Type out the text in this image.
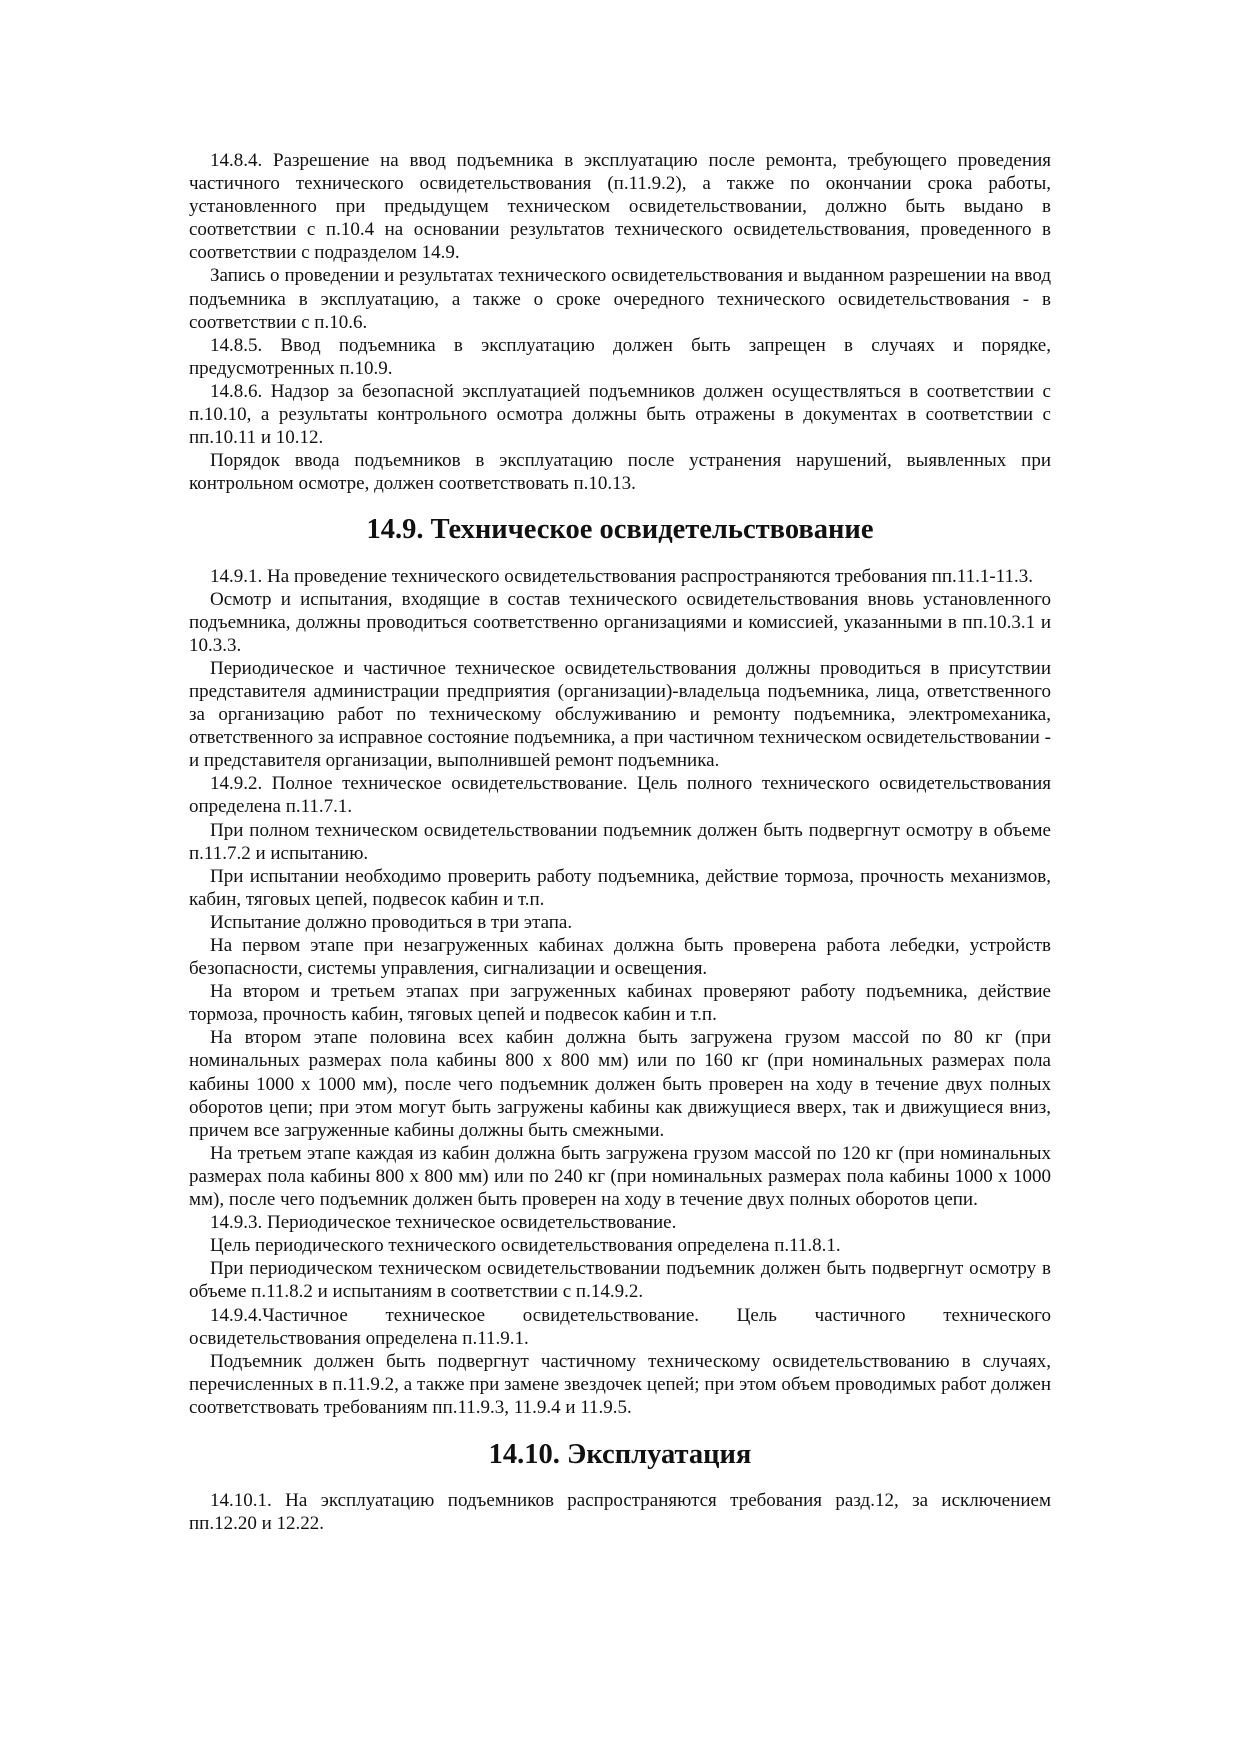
14.8.4. Разрешение на ввод подъемника в эксплуатацию после ремонта, требующего проведения частичного технического освидетельствования (п.11.9.2), а также по окончании срока работы, установленного при предыдущем техническом освидетельствовании, должно быть выдано в соответствии с п.10.4 на основании результатов технического освидетельствования, проведенного в соответствии с подразделом 14.9.

Запись о проведении и результатах технического освидетельствования и выданном разрешении на ввод подъемника в эксплуатацию, а также о сроке очередного технического освидетельствования - в соответствии с п.10.6.

14.8.5. Ввод подъемника в эксплуатацию должен быть запрещен в случаях и порядке, предусмотренных п.10.9.

14.8.6. Надзор за безопасной эксплуатацией подъемников должен осуществляться в соответствии с п.10.10, а результаты контрольного осмотра должны быть отражены в документах в соответствии с пп.10.11 и 10.12.

Порядок ввода подъемников в эксплуатацию после устранения нарушений, выявленных при контрольном осмотре, должен соответствовать п.10.13.

14.9. Техническое освидетельствование

14.9.1. На проведение технического освидетельствования распространяются требования пп.11.1-11.3.

Осмотр и испытания, входящие в состав технического освидетельствования вновь установленного подъемника, должны проводиться соответственно организациями и комиссией, указанными в пп.10.3.1 и 10.3.3.

Периодическое и частичное техническое освидетельствования должны проводиться в присутствии представителя администрации предприятия (организации)-владельца подъемника, лица, ответственного за организацию работ по техническому обслуживанию и ремонту подъемника, электромеханика, ответственного за исправное состояние подъемника, а при частичном техническом освидетельствовании - и представителя организации, выполнившей ремонт подъемника.

14.9.2. Полное техническое освидетельствование. Цель полного технического освидетельствования определена п.11.7.1.

При полном техническом освидетельствовании подъемник должен быть подвергнут осмотру в объеме п.11.7.2 и испытанию.

При испытании необходимо проверить работу подъемника, действие тормоза, прочность механизмов, кабин, тяговых цепей, подвесок кабин и т.п.

Испытание должно проводиться в три этапа.

На первом этапе при незагруженных кабинах должна быть проверена работа лебедки, устройств безопасности, системы управления, сигнализации и освещения.

На втором и третьем этапах при загруженных кабинах проверяют работу подъемника, действие тормоза, прочность кабин, тяговых цепей и подвесок кабин и т.п.

На втором этапе половина всех кабин должна быть загружена грузом массой по 80 кг (при номинальных размерах пола кабины 800 х 800 мм) или по 160 кг (при номинальных размерах пола кабины 1000 х 1000 мм), после чего подъемник должен быть проверен на ходу в течение двух полных оборотов цепи; при этом могут быть загружены кабины как движущиеся вверх, так и движущиеся вниз, причем все загруженные кабины должны быть смежными.

На третьем этапе каждая из кабин должна быть загружена грузом массой по 120 кг (при номинальных размерах пола кабины 800 х 800 мм) или по 240 кг (при номинальных размерах пола кабины 1000 х 1000 мм), после чего подъемник должен быть проверен на ходу в течение двух полных оборотов цепи.

14.9.3. Периодическое техническое освидетельствование.

Цель периодического технического освидетельствования определена п.11.8.1.

При периодическом техническом освидетельствовании подъемник должен быть подвергнут осмотру в объеме п.11.8.2 и испытаниям в соответствии с п.14.9.2.

14.9.4.Частичное техническое освидетельствование. Цель частичного технического освидетельствования определена п.11.9.1.

Подъемник должен быть подвергнут частичному техническому освидетельствованию в случаях, перечисленных в п.11.9.2, а также при замене звездочек цепей; при этом объем проводимых работ должен соответствовать требованиям пп.11.9.3, 11.9.4 и 11.9.5.

14.10. Эксплуатация

14.10.1. На эксплуатацию подъемников распространяются требования разд.12, за исключением пп.12.20 и 12.22.
